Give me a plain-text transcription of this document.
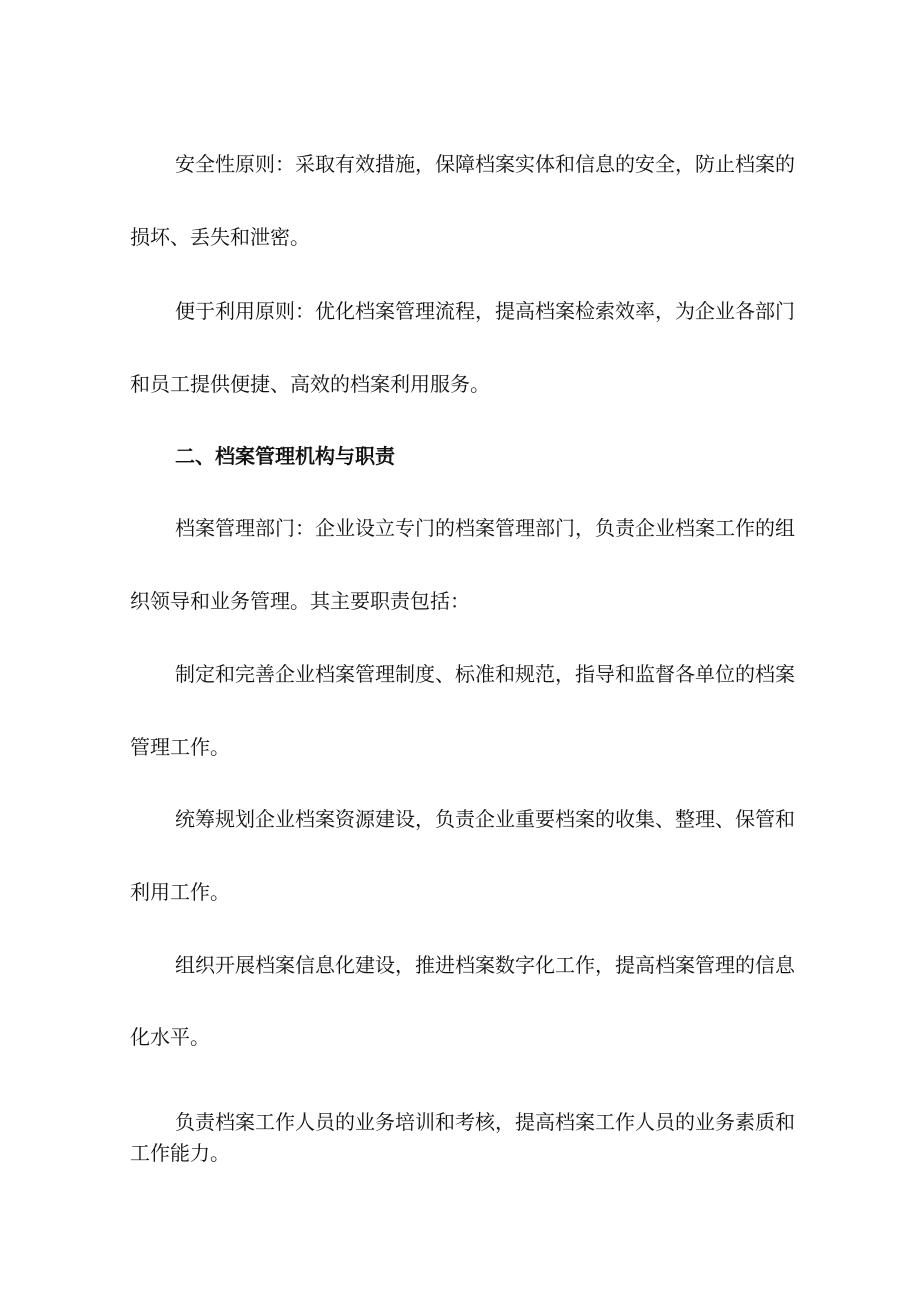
安全性原则：采取有效措施，保障档案实体和信息的安全，防止档案的
损坏、丢失和泄密。
便于利用原则：优化档案管理流程，提高档案检索效率，为企业各部门
和员工提供便捷、高效的档案利用服务。
二、档案管理机构与职责
档案管理部门：企业设立专门的档案管理部门，负责企业档案工作的组
织领导和业务管理。其主要职责包括：
制定和完善企业档案管理制度、标准和规范，指导和监督各单位的档案
管理工作。
统筹规划企业档案资源建设，负责企业重要档案的收集、整理、保管和
利用工作。
组织开展档案信息化建设，推进档案数字化工作，提高档案管理的信息
化水平。
负责档案工作人员的业务培训和考核，提高档案工作人员的业务素质和
工作能力。
